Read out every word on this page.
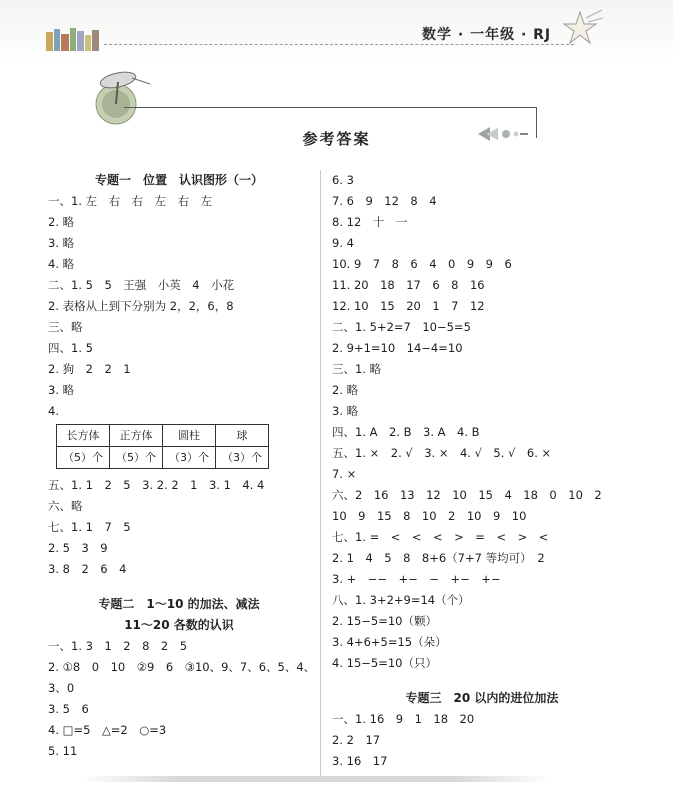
数学 · 一年级 · RJ
参考答案
专题一　位置　认识图形（一）
一、1. 左　右　右　左　右　左
2. 略
3. 略
4. 略
二、1. 5　5　王强　小英　4　小花
2. 表格从上到下分别为 2，2，6，8
三、略
四、1. 5
2. 狗　2　2　1
3. 略
4.
长方体	正方体	圆柱	球
（5）个	（5）个	（3）个	（3）个
五、1. 1　2　5　3. 2. 2　1　3. 1　4. 4
六、略
七、1. 1　7　5
2. 5　3　9
3. 8　2　6　4
专题二　1～10 的加法、减法
11～20 各数的认识
一、1. 3　1　2　8　2　5
2. ①8　0　10　②9　6　③10、9、7、6、5、4、
3、0
3. 5　6
4. □=5　△=2　○=3
5. 11
6. 3
7. 6　9　12　8　4
8. 12　十　一
9. 4
10. 9　7　8　6　4　0　9　9　6
11. 20　18　17　6　8　16
12. 10　15　20　1　7　12
二、1. 5+2=7　10−5=5
2. 9+1=10　14−4=10
三、1. 略
2. 略
3. 略
四、1. A　2. B　3. A　4. B
五、1. ×　2. √　3. ×　4. √　5. √　6. ×
7. ×
六、2　16　13　12　10　15　4　18　0　10　2
10　9　15　8　10　2　10　9　10
七、1. =　<　<　<　>　=　<　>　<
2. 1　4　5　8　8+6（7+7 等均可）　2
3. +　−−　+−　−　+−　+−
八、1. 3+2+9=14（个）
2. 15−5=10（颗）
3. 4+6+5=15（朵）
4. 15−5=10（只）
专题三　20 以内的进位加法
一、1. 16　9　1　18　20
2. 2　17
3. 16　17
